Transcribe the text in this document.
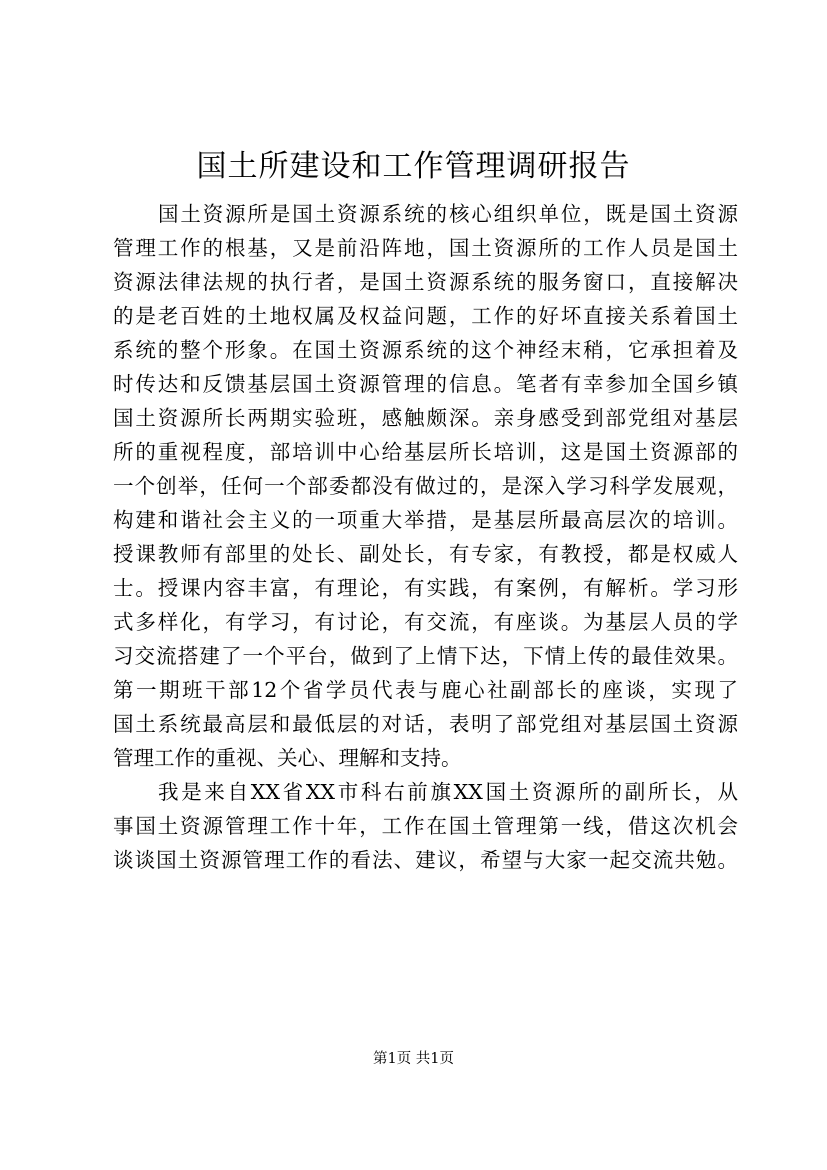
国土所建设和工作管理调研报告
国土资源所是国土资源系统的核心组织单位，既是国土资源
管理工作的根基，又是前沿阵地，国土资源所的工作人员是国土
资源法律法规的执行者，是国土资源系统的服务窗口，直接解决
的是老百姓的土地权属及权益问题，工作的好坏直接关系着国土
系统的整个形象。在国土资源系统的这个神经末稍，它承担着及
时传达和反馈基层国土资源管理的信息。笔者有幸参加全国乡镇
国土资源所长两期实验班，感触颇深。亲身感受到部党组对基层
所的重视程度，部培训中心给基层所长培训，这是国土资源部的
一个创举，任何一个部委都没有做过的，是深入学习科学发展观，
构建和谐社会主义的一项重大举措，是基层所最高层次的培训。
授课教师有部里的处长、副处长，有专家，有教授，都是权威人
士。授课内容丰富，有理论，有实践，有案例，有解析。学习形
式多样化，有学习，有讨论，有交流，有座谈。为基层人员的学
习交流搭建了一个平台，做到了上情下达，下情上传的最佳效果。
第一期班干部12个省学员代表与鹿心社副部长的座谈，实现了
国土系统最高层和最低层的对话，表明了部党组对基层国土资源
管理工作的重视、关心、理解和支持。
我是来自XX省XX市科右前旗XX国土资源所的副所长，从
事国土资源管理工作十年，工作在国土管理第一线，借这次机会
谈谈国土资源管理工作的看法、建议，希望与大家一起交流共勉。
第1页 共1页
